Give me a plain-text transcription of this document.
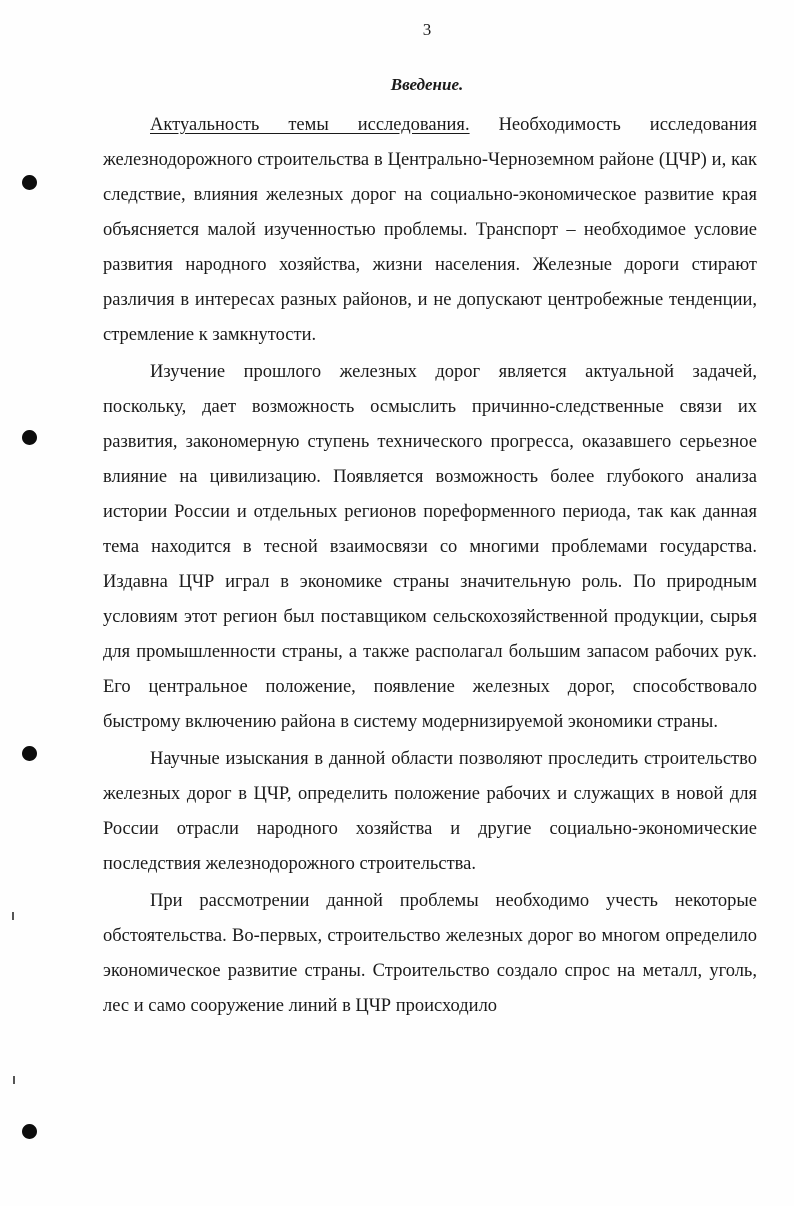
3
Введение.

Актуальность темы исследования. Необходимость исследования железнодорожного строительства в Центрально-Черноземном районе (ЦЧР) и, как следствие, влияния железных дорог на социально-экономическое развитие края объясняется малой изученностью проблемы. Транспорт – необходимое условие развития народного хозяйства, жизни населения. Железные дороги стирают различия в интересах разных районов, и не допускают центробежные тенденции, стремление к замкнутости.

Изучение прошлого железных дорог является актуальной задачей, поскольку, дает возможность осмыслить причинно-следственные связи их развития, закономерную ступень технического прогресса, оказавшего серьезное влияние на цивилизацию. Появляется возможность более глубокого анализа истории России и отдельных регионов пореформенного периода, так как данная тема находится в тесной взаимосвязи со многими проблемами государства. Издавна ЦЧР играл в экономике страны значительную роль. По природным условиям этот регион был поставщиком сельскохозяйственной продукции, сырья для промышленности страны, а также располагал большим запасом рабочих рук. Его центральное положение, появление железных дорог, способствовало быстрому включению района в систему модернизируемой экономики страны.

Научные изыскания в данной области позволяют проследить строительство железных дорог в ЦЧР, определить положение рабочих и служащих в новой для России отрасли народного хозяйства и другие социально-экономические последствия железнодорожного строительства.

При рассмотрении данной проблемы необходимо учесть некоторые обстоятельства. Во-первых, строительство железных дорог во многом определило экономическое развитие страны. Строительство создало спрос на металл, уголь, лес и само сооружение линий в ЦЧР происходило
